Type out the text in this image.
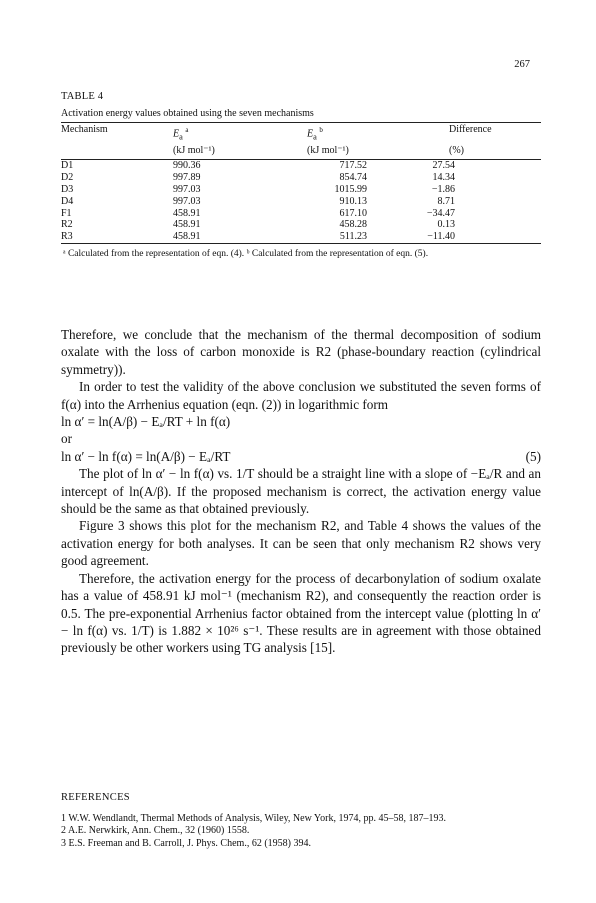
267
TABLE 4
Activation energy values obtained using the seven mechanisms
Mechanism	$E_a$ $^a$	$E_a$ $^b$	Difference
	(kJ mol⁻¹)	(kJ mol⁻¹)	(%)
D1	990.36	717.52	27.54
D2	997.89	854.74	14.34
D3	997.03	1015.99	−1.86
D4	997.03	910.13	8.71
F1	458.91	617.10	−34.47
R2	458.91	458.28	0.13
R3	458.91	511.23	−11.40
ᵃ Calculated from the representation of eqn. (4). ᵇ Calculated from the representation of eqn. (5).

Therefore, we conclude that the mechanism of the thermal decomposition of sodium oxalate with the loss of carbon monoxide is R2 (phase-boundary reaction (cylindrical symmetry)).

In order to test the validity of the above conclusion we substituted the seven forms of f(α) into the Arrhenius equation (eqn. (2)) in logarithmic form

ln α′ = ln(A/β) − Eₐ/RT + ln f(α)

or

ln α′ − ln f(α) = ln(A/β) − Eₐ/RT	(5)

The plot of ln α′ − ln f(α) vs. 1/T should be a straight line with a slope of −Eₐ/R and an intercept of ln(A/β). If the proposed mechanism is correct, the activation energy value should be the same as that obtained previously.

Figure 3 shows this plot for the mechanism R2, and Table 4 shows the values of the activation energy for both analyses. It can be seen that only mechanism R2 shows very good agreement.

Therefore, the activation energy for the process of decarbonylation of sodium oxalate has a value of 458.91 kJ mol⁻¹ (mechanism R2), and consequently the reaction order is 0.5. The pre-exponential Arrhenius factor obtained from the intercept value (plotting ln α′ − ln f(α) vs. 1/T) is 1.882 × 10²⁶ s⁻¹. These results are in agreement with those obtained previously be other workers using TG analysis [15].

REFERENCES
1 W.W. Wendlandt, Thermal Methods of Analysis, Wiley, New York, 1974, pp. 45–58, 187–193.
2 A.E. Nerwkirk, Ann. Chem., 32 (1960) 1558.
3 E.S. Freeman and B. Carroll, J. Phys. Chem., 62 (1958) 394.
